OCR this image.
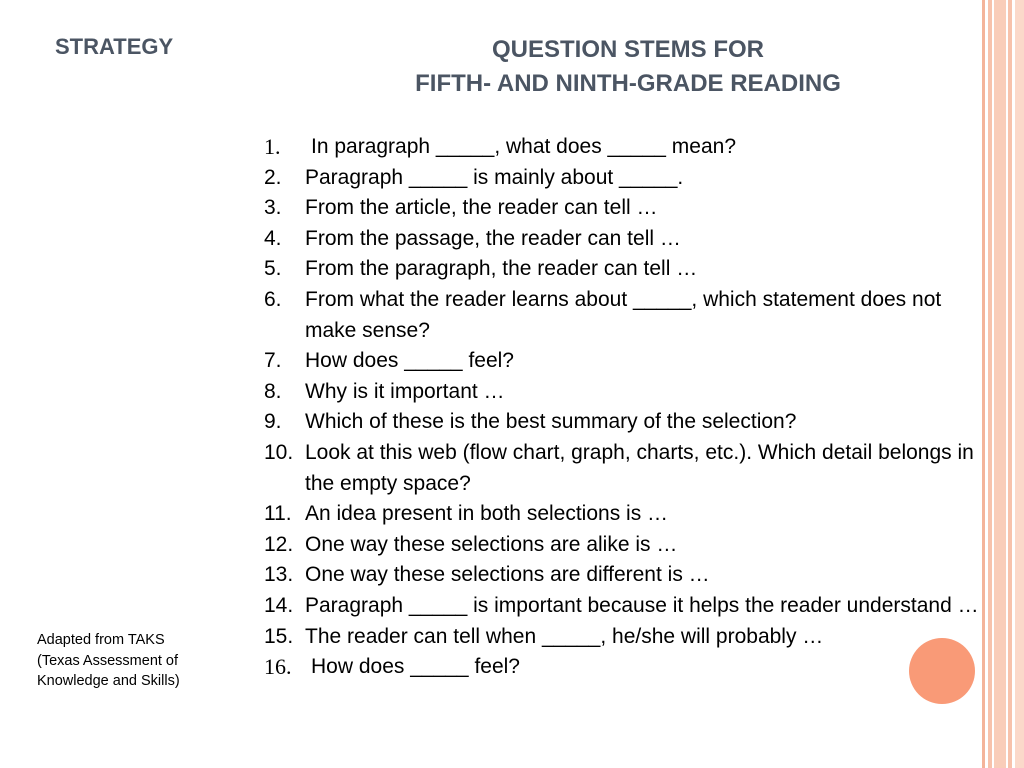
STRATEGY	QUESTION STEMS FOR
FIFTH- AND NINTH-GRADE READING
1.	In paragraph _____, what does _____ mean?
2.	Paragraph _____ is mainly about _____.
3.	From the article, the reader can tell …
4.	From the passage, the reader can tell …
5.	From the paragraph, the reader can tell …
6.	From what the reader learns about _____, which statement does not make sense?
7.	How does _____ feel?
8.	Why is it important …
9.	Which of these is the best summary of the selection?
10. Look at this web (flow chart, graph, charts, etc.). Which detail belongs in the empty space?
11. An idea present in both selections is …
12. One way these selections are alike is …
13. One way these selections are different is …
14. Paragraph _____ is important because it helps the reader understand …
15. The reader can tell when _____, he/she will probably …
16. How does _____ feel?
Adapted from TAKS (Texas Assessment of Knowledge and Skills)
